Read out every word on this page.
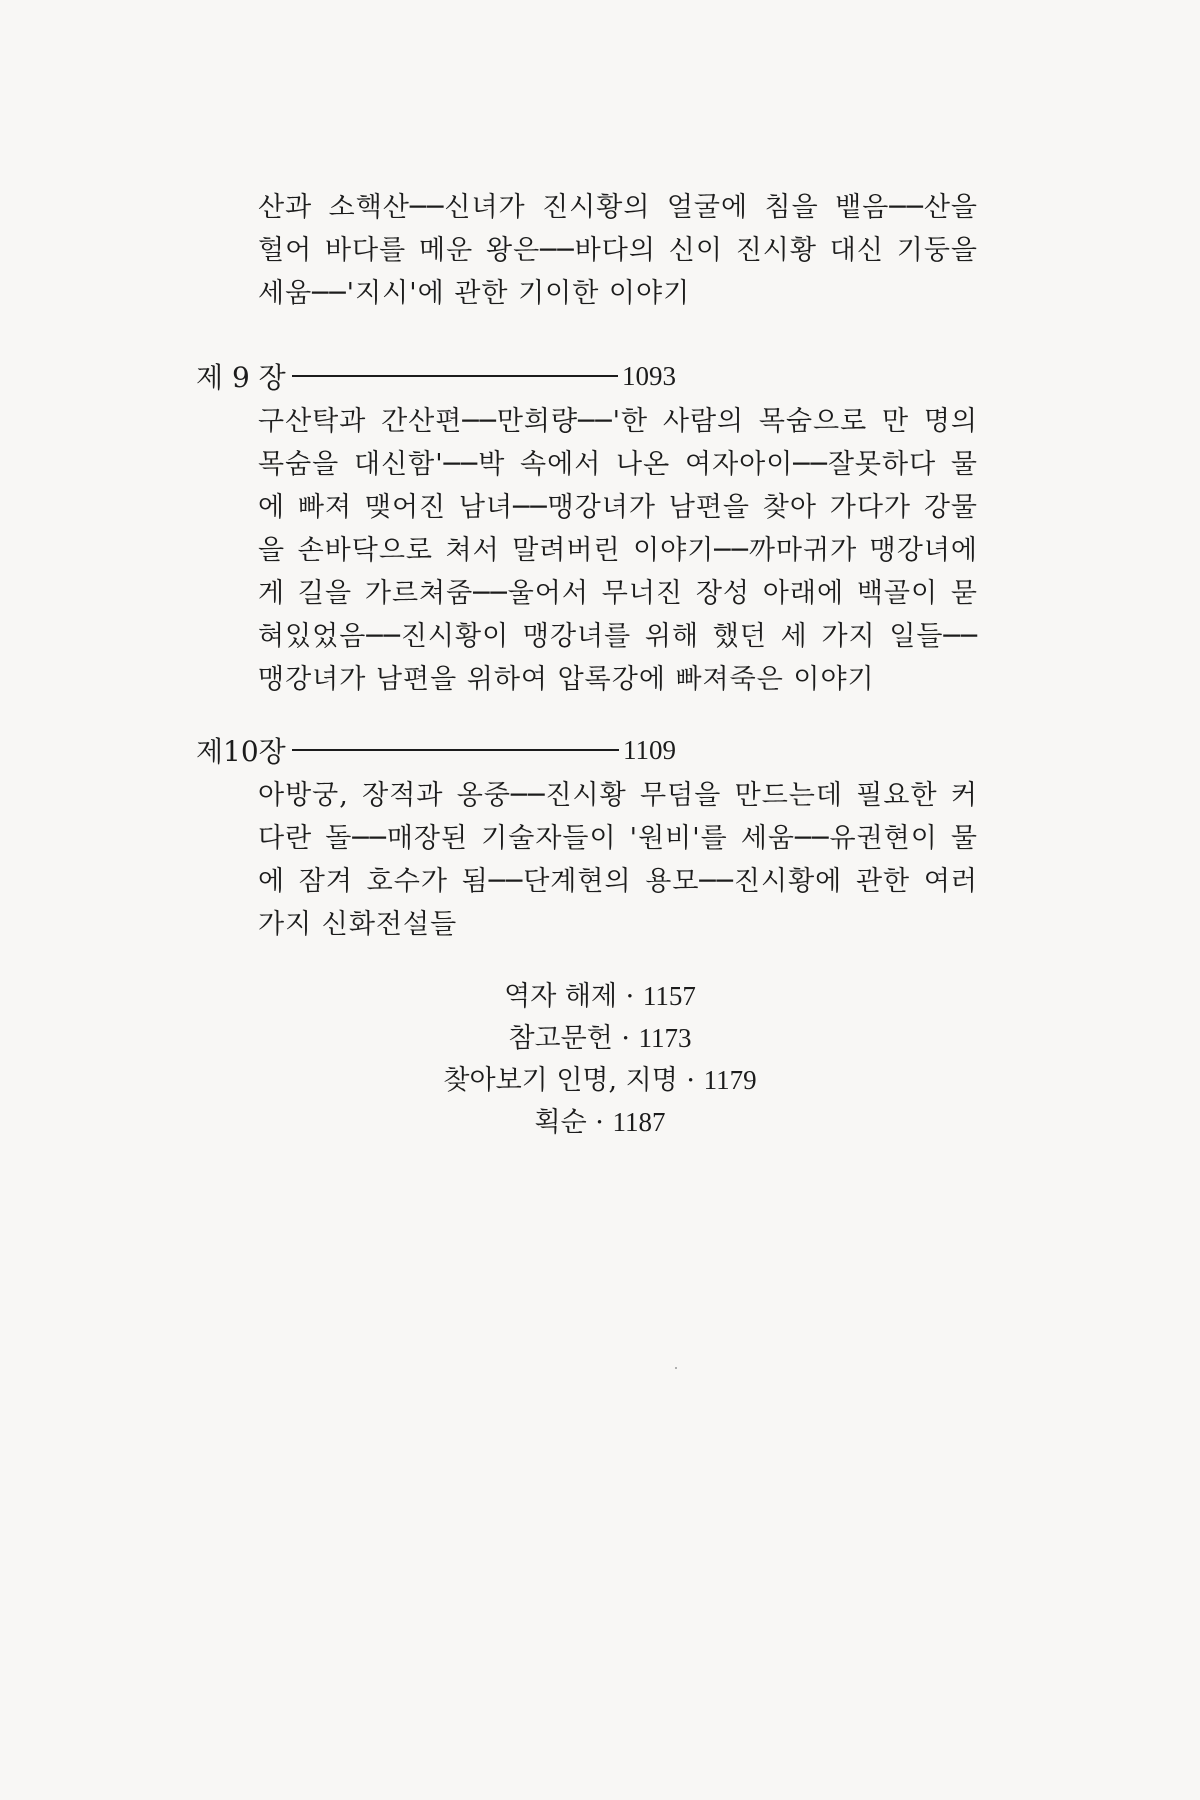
산과 소핵산──신녀가 진시황의 얼굴에 침을 뱉음──산을 헐어 바다를 메운 왕은──바다의 신이 진시황 대신 기둥을 세움──'지시'에 관한 기이한 이야기
제 9 장	1093
구산탁과 간산편──만희량──'한 사람의 목숨으로 만 명의 목숨을 대신함'──박 속에서 나온 여자아이──잘못하다 물에 빠져 맺어진 남녀──맹강녀가 남편을 찾아 가다가 강물을 손바닥으로 쳐서 말려버린 이야기──까마귀가 맹강녀에게 길을 가르쳐줌──울어서 무너진 장성 아래에 백골이 묻혀있었음──진시황이 맹강녀를 위해 했던 세 가지 일들──맹강녀가 남편을 위하여 압록강에 빠져죽은 이야기
제10장	1109
아방궁, 장적과 옹중──진시황 무덤을 만드는데 필요한 커다란 돌──매장된 기술자들이 '원비'를 세움──유권현이 물에 잠겨 호수가 됨──단계현의 용모──진시황에 관한 여러 가지 신화전설들
역자 해제 · 1157
참고문헌 · 1173
찾아보기 인명, 지명 · 1179
획순 · 1187
